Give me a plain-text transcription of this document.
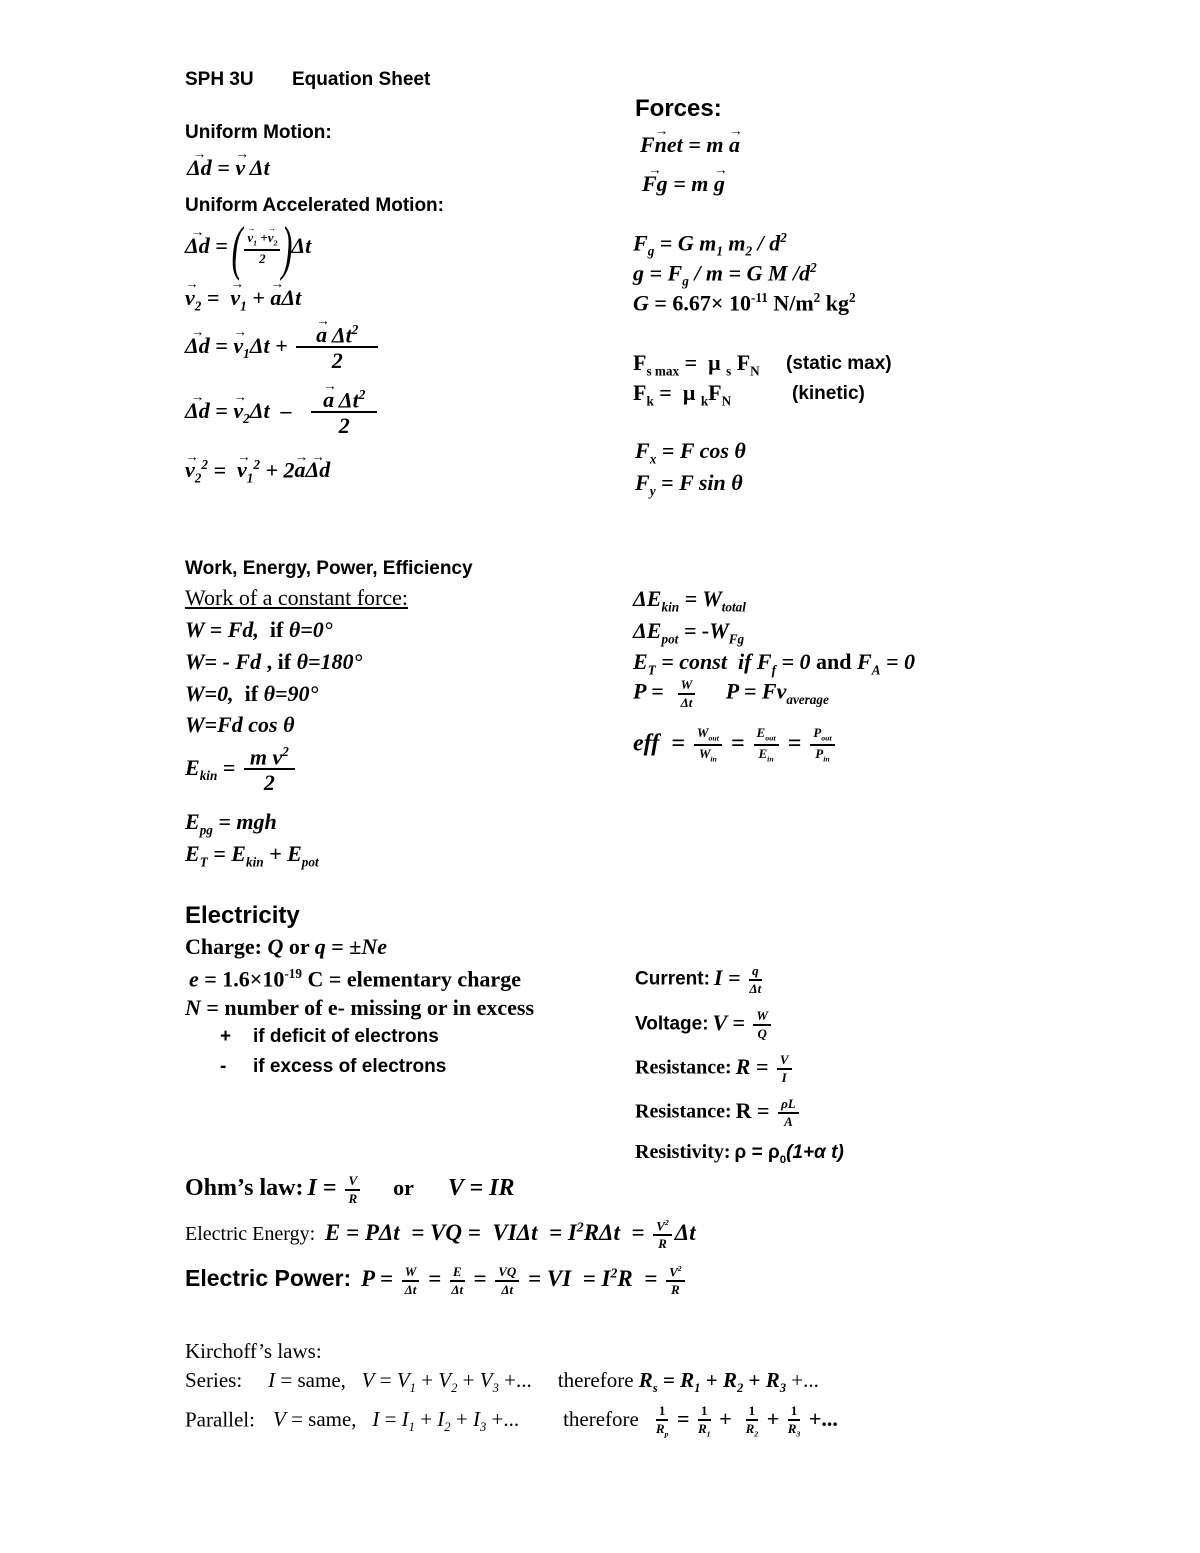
SPH 3U Equation Sheet
Uniform Motion:
→ Δd = → v Δt
Uniform Accelerated Motion:
→ Δd = ( → $\frac{v_1 +\to v_2}{2} )\Delta t$
→ $v_2$ =  → $v_1$ + → aΔt
→ Δd = → $v_1\Delta t$ + → $\frac{a \Delta t^2}{2}$
→ Δd = → $v_2\Delta t$  – → $\frac{a \Delta t^2}{2}$
→ $v_2^2$ =  → $v_1^2 + 2\to a\to \Delta d$
Forces:
→ Fnet = m → a
→ Fg = m → g
$F_g = G$ $m_1$ $m_2 / d^2$
$g = F_g / m = G$ M $/d^2$
$G = 6.67\times 10^{-11}$ $N/m^2$ $kg^2$
$F_{s max} = \mu$ $_s$ $F_N$ (static max)
$F_k = \mu$ $_kF_N$	(kinetic)
$F_x = F$ cos θ
$F_y = F$ sin θ
Work, Energy, Power, Efficiency
Work of a constant force:
W = Fd,  if θ=0°
W= - Fd , if θ=180°
W=0,  if θ=90°
W=Fd cos θ
$E_{kin} = \frac{m v^2}{2}$
$E_{pg}$ = mgh
$E_T = E_{kin} + E_{pot}$
$\Delta E_{kin} = W_{total}$
$\Delta E_{pot} = -W_{Fg}$
$E_T$ = const  if $F_f = 0$ and $F_A = 0$
$P = \frac{W}{\Delta t}$ $P = Fv_{average}$
eff  = $\frac{W_{out}}{W_{in}} = \frac{E_{out}}{E_{in}} = \frac{P_{out}}{P_{in}}$
Electricity
Charge: Q or q = ±Ne
$e = 1.6\times 10^{-19}$ C = elementary charge
N = number of e- missing or in excess
+ if deficit of electrons
- if excess of electrons
Current: $I = \frac{q}{\Delta t}$
Voltage: $V = \frac{W}{Q}$
Resistance: $R = \frac{V}{I}$
Resistance: $R = \frac{\rho L}{A}$
Resistivity: $\rho = \rho_0(1+\alpha$ t)
Ohm’s law: $I = \frac{V}{R}$ or V = IR
Electric Energy:  E = PΔt  = VQ =  $VI\Delta t = I^2R\Delta t = \frac{V^2}{R}$ Δt
Electric Power:  $P = \frac{W}{\Delta t} = \frac{E}{\Delta t} = \frac{VQ}{\Delta t}$ = VI  = $I^2R = \frac{V^2}{R}$
Kirchoff’s laws:
Series: I = same, $V = V_1 + V_2 + V_3$ +... therefore $R_s = R_1 + R_2 + R_3$ +...
Parallel: V = same, $I = I_1 + I_2 + I_3$ +... therefore $\frac{1}{R_p} = \frac{1}{R_1} + \frac{1}{R_2} + \frac{1}{R_3}$ +...
